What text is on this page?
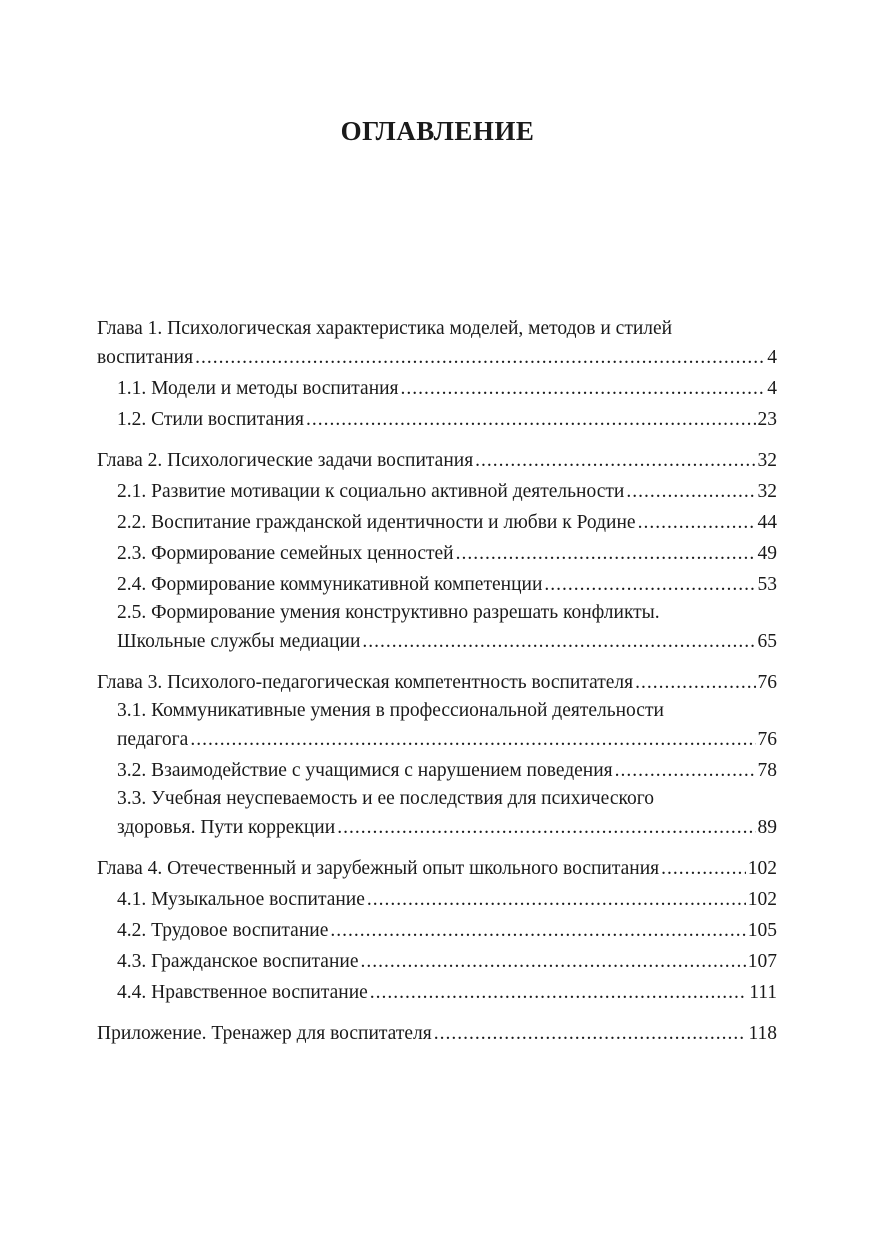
ОГЛАВЛЕНИЕ
Глава 1. Психологическая характеристика моделей, методов и стилей
воспитания .....	4
1.1. Модели и методы воспитания .....	4
1.2. Стили воспитания .....	23
Глава 2. Психологические задачи воспитания .....	32
2.1. Развитие мотивации к социально активной деятельности .....	32
2.2. Воспитание гражданской идентичности и любви к Родине .....	44
2.3. Формирование семейных ценностей .....	49
2.4. Формирование коммуникативной компетенции .....	53
2.5. Формирование умения конструктивно разрешать конфликты.
Школьные службы медиации .....	65
Глава 3. Психолого-педагогическая компетентность воспитателя .....	76
3.1. Коммуникативные умения в профессиональной деятельности
педагога .....	76
3.2. Взаимодействие с учащимися с нарушением поведения .....	78
3.3. Учебная неуспеваемость и ее последствия для психического
здоровья. Пути коррекции .....	89
Глава 4. Отечественный и зарубежный опыт школьного воспитания .....	102
4.1. Музыкальное воспитание .....	102
4.2. Трудовое воспитание .....	105
4.3. Гражданское воспитание .....	107
4.4. Нравственное воспитание .....	111
Приложение. Тренажер для воспитателя .....	118
